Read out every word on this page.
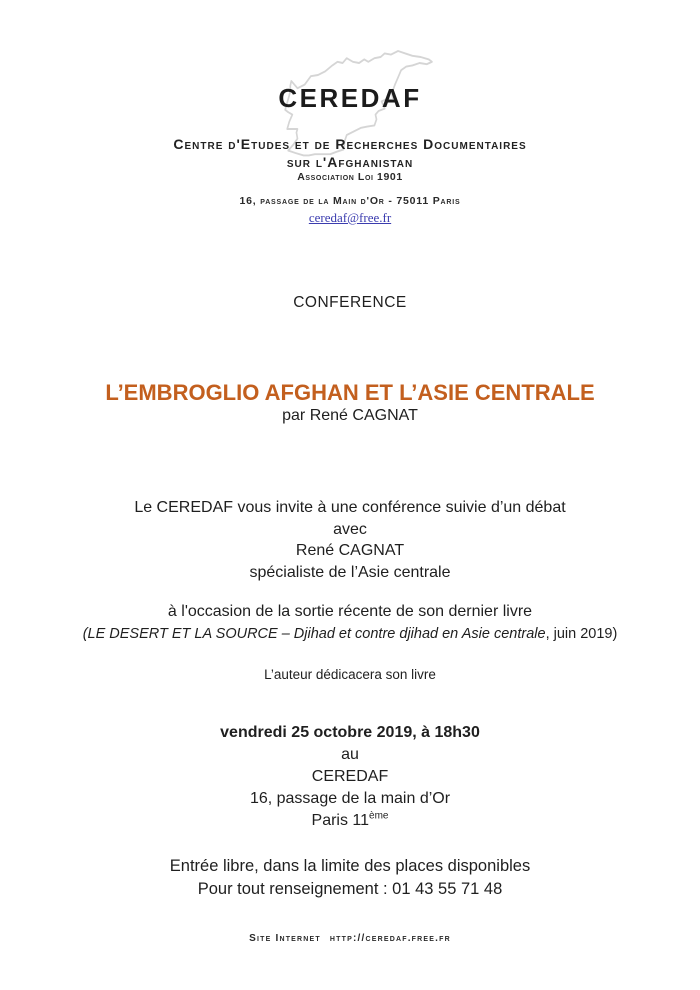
CEREDAF
Centre d'Etudes et de Recherches Documentaires
sur l'Afghanistan
Association Loi 1901
16, passage de la Main d'Or - 75011 Paris
ceredaf@free.fr
CONFERENCE
L’EMBROGLIO AFGHAN ET L’ASIE CENTRALE
par René CAGNAT
Le CEREDAF vous invite à une conférence suivie d’un débat
avec
René CAGNAT
spécialiste de l’Asie centrale
à l'occasion de la sortie récente de son dernier livre
(LE DESERT ET LA SOURCE – Djihad et contre djihad en Asie centrale, juin 2019)
L’auteur dédicacera son livre
vendredi 25 octobre 2019, à 18h30
au
CEREDAF
16, passage de la main d’Or
Paris 11ème
Entrée libre, dans la limite des places disponibles
Pour tout renseignement : 01 43 55 71 48
Site Internet http://ceredaf.free.fr
